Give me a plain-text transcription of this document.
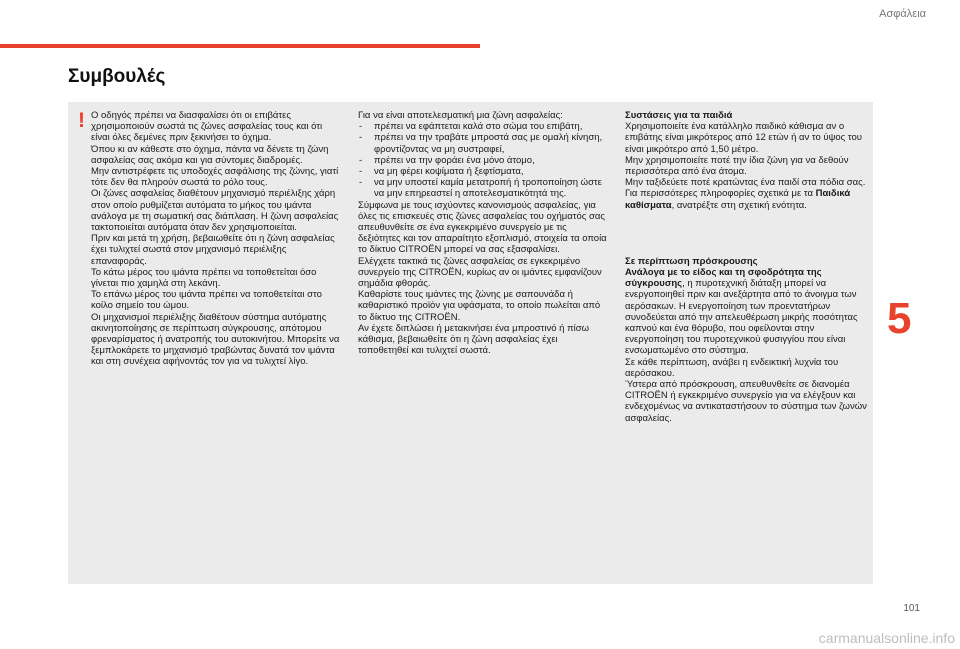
Ασφάλεια
Συμβουλές
! Ο οδηγός πρέπει να διασφαλίσει ότι οι επιβάτες χρησιμοποιούν σωστά τις ζώνες ασφαλείας τους και ότι είναι όλες δεμένες πριν ξεκινήσει το όχημα.

Όπου κι αν κάθεστε στο όχημα, πάντα να δένετε τη ζώνη ασφαλείας σας ακόμα και για σύντομες διαδρομές.

Μην αντιστρέφετε τις υποδοχές ασφάλισης της ζώνης, γιατί τότε δεν θα πληρούν σωστά το ρόλο τους.

Οι ζώνες ασφαλείας διαθέτουν μηχανισμό περιέλιξης χάρη στον οποίο ρυθμίζεται αυτόματα το μήκος του ιμάντα ανάλογα με τη σωματική σας διάπλαση. Η ζώνη ασφαλείας τακτοποιείται αυτόματα όταν δεν χρησιμοποιείται.

Πριν και μετά τη χρήση, βεβαιωθείτε ότι η ζώνη ασφαλείας έχει τυλιχτεί σωστά στον μηχανισμό περιέλιξης επαναφοράς.

Το κάτω μέρος του ιμάντα πρέπει να τοποθετείται όσο γίνεται πιο χαμηλά στη λεκάνη.

Το επάνω μέρος του ιμάντα πρέπει να τοποθετείται στο κοίλο σημείο του ώμου.

Οι μηχανισμοί περιέλιξης διαθέτουν σύστημα αυτόματης ακινητοποίησης σε περίπτωση σύγκρουσης, απότομου φρεναρίσματος ή ανατροπής του αυτοκινήτου. Μπορείτε να ξεμπλοκάρετε το μηχανισμό τραβώντας δυνατά τον ιμάντα και στη συνέχεια αφήνοντάς τον για να τυλιχτεί λίγο.

Για να είναι αποτελεσματική μια ζώνη ασφαλείας:

- πρέπει να εφάπτεται καλά στο σώμα του επιβάτη,
- πρέπει να την τραβάτε μπροστά σας με ομαλή κίνηση, φροντίζοντας να μη συστραφεί,
- πρέπει να την φοράει ένα μόνο άτομο,
- να μη φέρει κοψίματα ή ξεφτίσματα,
- να μην υποστεί καμία μετατροπή ή τροποποίηση ώστε να μην επηρεαστεί η αποτελεσματικότητά της.

Σύμφωνα με τους ισχύοντες κανονισμούς ασφαλείας, για όλες τις επισκευές στις ζώνες ασφαλείας του οχήματός σας απευθυνθείτε σε ένα εγκεκριμένο συνεργείο με τις δεξιότητες και τον απαραίτητο εξοπλισμό, στοιχεία τα οποία το δίκτυο CITROËN μπορεί να σας εξασφαλίσει.

Ελέγχετε τακτικά τις ζώνες ασφαλείας σε εγκεκριμένο συνεργείο της CITROËN, κυρίως αν οι ιμάντες εμφανίζουν σημάδια φθοράς.

Καθαρίστε τους ιμάντες της ζώνης με σαπουνάδα ή καθαριστικό προϊόν για υφάσματα, το οποίο πωλείται από το δίκτυο της CITROËN.

Αν έχετε διπλώσει ή μετακινήσει ένα μπροστινό ή πίσω κάθισμα, βεβαιωθείτε ότι η ζώνη ασφαλείας έχει τοποθετηθεί και τυλιχτεί σωστά.

Συστάσεις για τα παιδιά

Χρησιμοποιείτε ένα κατάλληλο παιδικό κάθισμα αν ο επιβάτης είναι μικρότερος από 12 ετών ή αν το ύψος του είναι μικρότερο από 1,50 μέτρο.

Μην χρησιμοποιείτε ποτέ την ίδια ζώνη για να δεθούν περισσότερα από ένα άτομα.

Μην ταξιδεύετε ποτέ κρατώντας ένα παιδί στα πόδια σας.

Για περισσότερες πληροφορίες σχετικά με τα Παιδικά καθίσματα, ανατρέξτε στη σχετική ενότητα.

Σε περίπτωση πρόσκρουσης

Ανάλογα με το είδος και τη σφοδρότητα της σύγκρουσης, η πυροτεχνική διάταξη μπορεί να ενεργοποιηθεί πριν και ανεξάρτητα από το άνοιγμα των αερόσακων. Η ενεργοποίηση των προεντατήρων συνοδεύεται από την απελευθέρωση μικρής ποσότητας καπνού και ένα θόρυβο, που οφείλονται στην ενεργοποίηση του πυροτεχνικού φυσιγγίου που είναι ενσωματωμένο στο σύστημα.

Σε κάθε περίπτωση, ανάβει η ενδεικτική λυχνία του αερόσακου.

Ύστερα από πρόσκρουση, απευθυνθείτε σε διανομέα CITROËN ή εγκεκριμένο συνεργείο για να ελέγξουν και ενδεχομένως να αντικαταστήσουν το σύστημα των ζωνών ασφαλείας.

5
101
carmanualsonline.info
